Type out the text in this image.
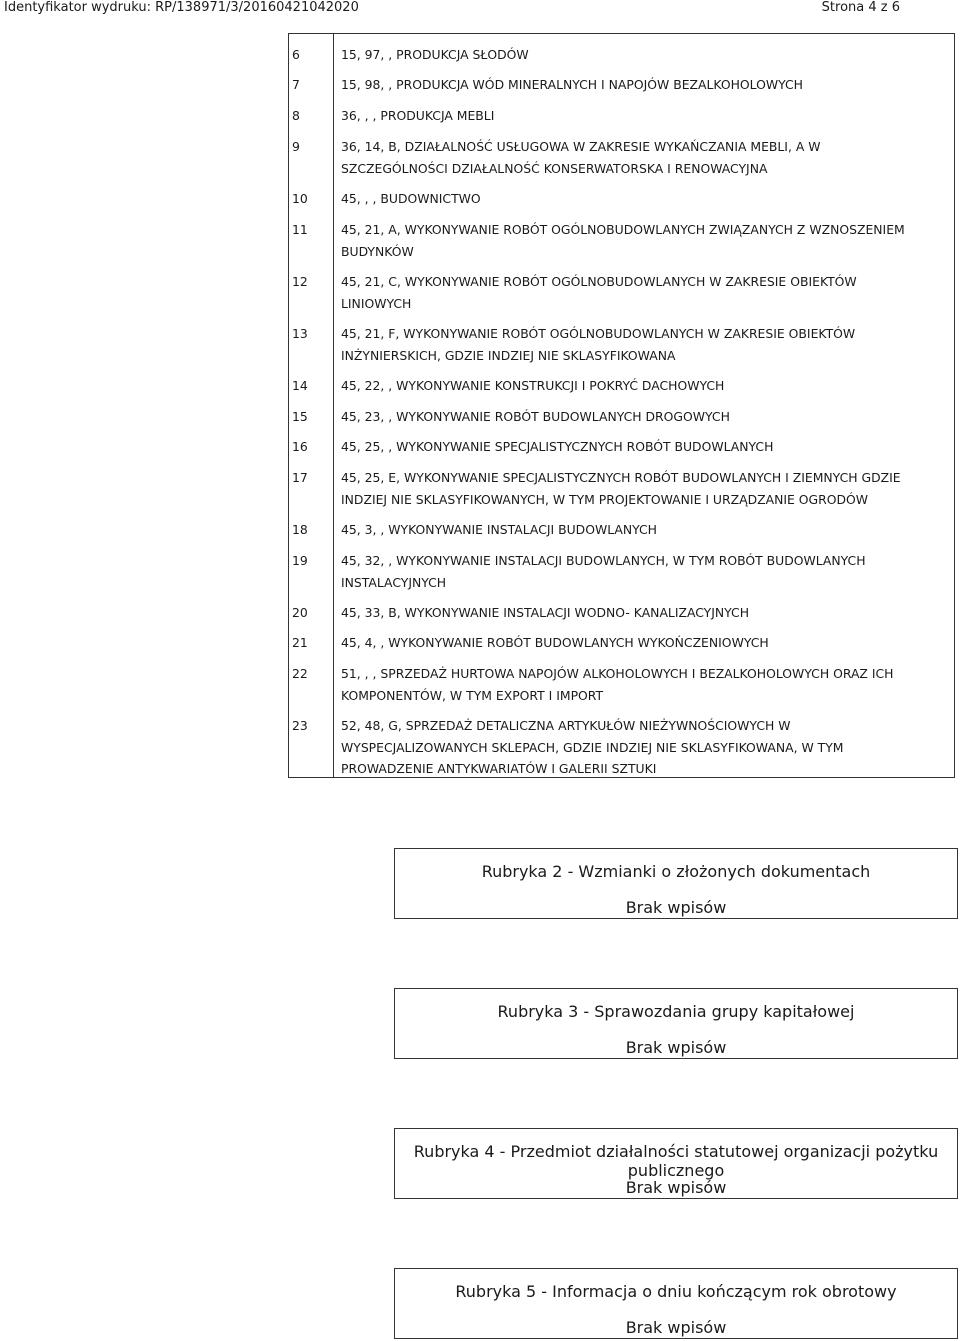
Identyfikator wydruku: RP/138971/3/20160421042020	Strona 4 z 6
6	15, 97, , PRODUKCJA SŁODÓW
7	15, 98, , PRODUKCJA WÓD MINERALNYCH I NAPOJÓW BEZALKOHOLOWYCH
8	36, , , PRODUKCJA MEBLI
9	36, 14, B, DZIAŁALNOŚĆ USŁUGOWA W ZAKRESIE WYKAŃCZANIA MEBLI, A W
SZCZEGÓLNOŚCI DZIAŁALNOŚĆ KONSERWATORSKA I RENOWACYJNA
10	45, , , BUDOWNICTWO
11	45, 21, A, WYKONYWANIE ROBÓT OGÓLNOBUDOWLANYCH ZWIĄZANYCH Z WZNOSZENIEM
BUDYNKÓW
12	45, 21, C, WYKONYWANIE ROBÓT OGÓLNOBUDOWLANYCH W ZAKRESIE OBIEKTÓW
LINIOWYCH
13	45, 21, F, WYKONYWANIE ROBÓT OGÓLNOBUDOWLANYCH W ZAKRESIE OBIEKTÓW
INŻYNIERSKICH, GDZIE INDZIEJ NIE SKLASYFIKOWANA
14	45, 22, , WYKONYWANIE KONSTRUKCJI I POKRYĆ DACHOWYCH
15	45, 23, , WYKONYWANIE ROBÓT BUDOWLANYCH DROGOWYCH
16	45, 25, , WYKONYWANIE SPECJALISTYCZNYCH ROBÓT BUDOWLANYCH
17	45, 25, E, WYKONYWANIE SPECJALISTYCZNYCH ROBÓT BUDOWLANYCH I ZIEMNYCH GDZIE
INDZIEJ NIE SKLASYFIKOWANYCH, W TYM PROJEKTOWANIE I URZĄDZANIE OGRODÓW
18	45, 3, , WYKONYWANIE INSTALACJI BUDOWLANYCH
19	45, 32, , WYKONYWANIE INSTALACJI BUDOWLANYCH, W TYM ROBÓT BUDOWLANYCH
INSTALACYJNYCH
20	45, 33, B, WYKONYWANIE INSTALACJI WODNO- KANALIZACYJNYCH
21	45, 4, , WYKONYWANIE ROBÓT BUDOWLANYCH WYKOŃCZENIOWYCH
22	51, , , SPRZEDAŻ HURTOWA NAPOJÓW ALKOHOLOWYCH I BEZALKOHOLOWYCH ORAZ ICH
KOMPONENTÓW, W TYM EXPORT I IMPORT
23	52, 48, G, SPRZEDAŻ DETALICZNA ARTYKUŁÓW NIEŻYWNOŚCIOWYCH W
WYSPECJALIZOWANYCH SKLEPACH, GDZIE INDZIEJ NIE SKLASYFIKOWANA, W TYM
PROWADZENIE ANTYKWARIATÓW I GALERII SZTUKI
Rubryka 2 - Wzmianki o złożonych dokumentach
Brak wpisów
Rubryka 3 - Sprawozdania grupy kapitałowej
Brak wpisów
Rubryka 4 - Przedmiot działalności statutowej organizacji pożytku publicznego
Brak wpisów
Rubryka 5 - Informacja o dniu kończącym rok obrotowy
Brak wpisów
